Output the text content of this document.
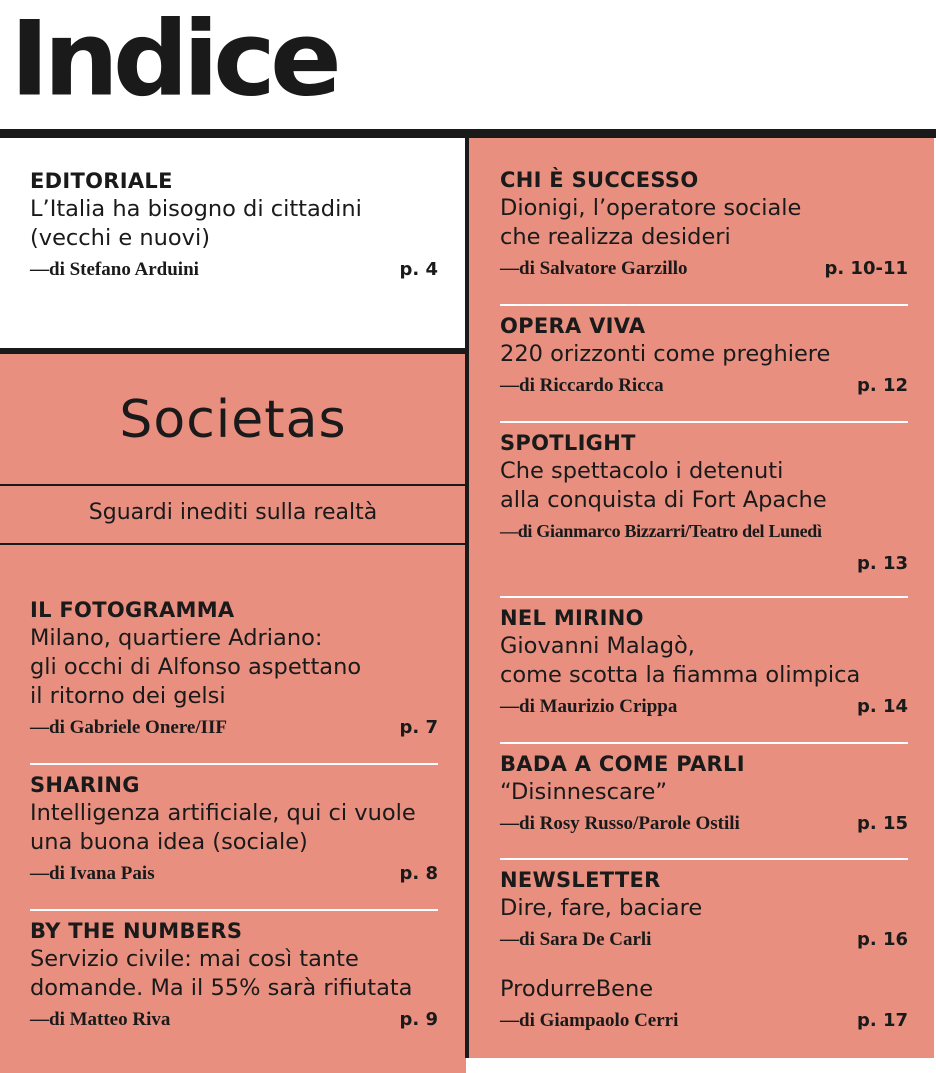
Indice
Societas
Sguardi inediti sulla realtà
EDITORIALE
L’Italia ha bisogno di cittadini
(vecchi e nuovi)
—di Stefano Arduini	p. 4
IL FOTOGRAMMA
Milano, quartiere Adriano:
gli occhi di Alfonso aspettano
il ritorno dei gelsi
—di Gabriele Onere/IIF	p. 7
SHARING
Intelligenza artificiale, qui ci vuole
una buona idea (sociale)
—di Ivana Pais	p. 8
BY THE NUMBERS
Servizio civile: mai così tante
domande. Ma il 55% sarà rifiutata
—di Matteo Riva	p. 9
CHI È SUCCESSO
Dionigi, l’operatore sociale
che realizza desideri
—di Salvatore Garzillo	p. 10-11
OPERA VIVA
220 orizzonti come preghiere
—di Riccardo Ricca	p. 12
SPOTLIGHT
Che spettacolo i detenuti
alla conquista di Fort Apache
—di Gianmarco Bizzarri/Teatro del Lunedì
p. 13
NEL MIRINO
Giovanni Malagò,
come scotta la fiamma olimpica
—di Maurizio Crippa	p. 14
BADA A COME PARLI
“Disinnescare”
—di Rosy Russo/Parole Ostili	p. 15
NEWSLETTER
Dire, fare, baciare
—di Sara De Carli	p. 16
ProdurreBene
—di Giampaolo Cerri	p. 17
